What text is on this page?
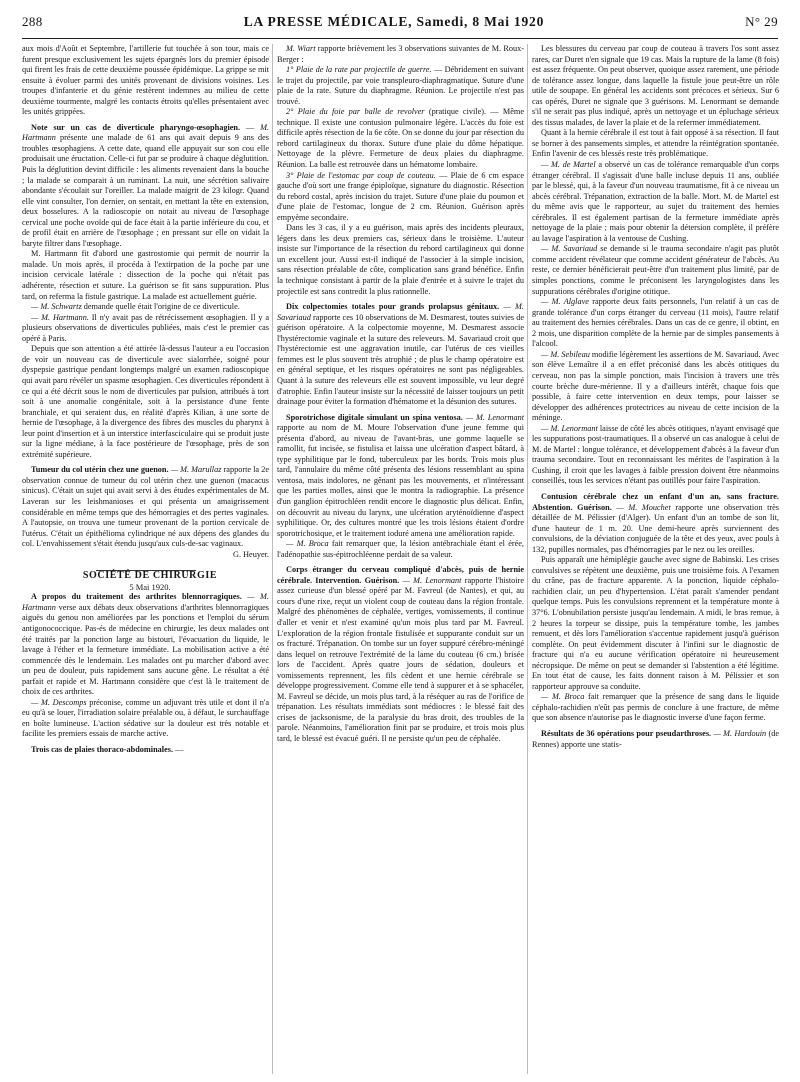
288	LA PRESSE MÉDICALE, Samedi, 8 Mai 1920	N° 29

aux mois d'Août et Septembre, l'artillerie fut touchée à son tour, mais ce furent presque exclusivement les sujets épargnés lors du premier épisode qui firent les frais de cette deuxième poussée épidémique. La grippe se mit ensuite à évoluer parmi des unités provenant de divisions voisines. Les troupes d'infanterie et du génie restèrent indemnes au milieu de cette deuxième tourmente, malgré les contacts étroits qu'elles présentaient avec les unités grippées.

Note sur un cas de diverticule pharyngo-œsophagien. — M. Hartmann présente une malade de 61 ans qui avait depuis 9 ans des troubles œsophagiens. A cette date, quand elle appuyait sur son cou elle produisait une éructation. Celle-ci fut par se produire à chaque déglutition. Puis la déglutition devint difficile : les aliments revenaient dans la bouche ; la malade se comparait à un ruminant. La nuit, une sécrétion salivaire abondante s'écoulait sur l'oreiller. La malade maigrit de 23 kilogr. Quand elle vint consulter, l'on dernier, on sentait, en mettant la tête en extension, deux bosselures. A la radioscopie on notait au niveau de l'œsophage cervical une poche ovoïde qui de face était à la partie inférieure du cou, et de profil était en arrière de l'œsophage ; en pressant sur elle on vidait la baryte filtrer dans l'œsophage.

M. Hartmann fit d'abord une gastrostomie qui permit de nourrir la malade. Un mois après, il procéda à l'extirpation de la poche par une incision cervicale latérale : dissection de la poche qui n'était pas adhérente, résection et suture. La guérison se fit sans suppuration. Plus tard, on referma la fistule gastrique. La malade est actuellement guérie.

— M. Schwartz demande quelle était l'origine de ce diverticule.

— M. Hartmann. Il n'y avait pas de rétrécissement œsophagien. Il y a plusieurs observations de diverticules publiées, mais c'est le premier cas opéré à Paris.

Depuis que son attention a été attirée là-dessus l'auteur a eu l'occasion de voir un nouveau cas de diverticule avec sialorrhée, soigné pour dyspepsie gastrique pendant longtemps malgré un examen radioscopique qui avait paru révéler un spasme œsophagien. Ces diverticules répondent à ce qui a été décrit sous le nom de diverticules par pulsion, attribués à tort soit à une anomalie congénitale, soit à la persistance d'une fente branchiale, et qui seraient dus, en réalité d'après Kilian, à une sorte de hernie de l'œsophage, à la divergence des fibres des muscles du pharynx à leur point d'insertion et à un interstice interfasciculaire qui se produit juste sur la ligne médiane, à la face postérieure de l'œsophage, près de son extrémité supérieure.

Tumeur du col utérin chez une guenon. — M. Marullaz rapporte la 2e observation connue de tumeur du col utérin chez une guenon (macacus sinicus). C'était un sujet qui avait servi à des études expérimentales de M. Laveran sur les leishmanioses et qui présenta un amaigrissement considérable en même temps que des hémorragies et des pertes vaginales. A l'autopsie, on trouva une tumeur provenant de la portion cervicale de l'utérus. C'était un épithélioma cylindrique né aux dépens des glandes du col. L'envahissement s'était étendu jusqu'aux culs-de-sac vaginaux.

G. Heuyer.

SOCIÉTÉ DE CHIRURGIE

5 Mai 1920.

A propos du traitement des arthrites blennorragiques. — M. Hartmann verse aux débats deux observations d'arthrites blennorragiques aiguës du genou non améliorées par les ponctions et l'emploi du sérum antigonococcique. Pas-és de médecine en chirurgie, les deux malades ont été traités par la ponction large au bistouri, l'évacuation du liquide, le lavage à l'éther et la fermeture immédiate. La mobilisation active a été commencée dès le lendemain. Les malades ont pu marcher d'abord avec un peu de douleur, puis rapidement sans aucune gêne. Le résultat a été parfait et rapide et M. Hartmann considère que c'est là le traitement de choix de ces arthrites.

— M. Descomps préconise, comme un adjuvant très utile et dont il n'a eu qu'à se louer, l'irradiation solaire préalable ou, à défaut, le surchauffage en boîte lumineuse. L'action sédative sur la douleur est très notable et facilite les premiers essais de marche active.

Trois cas de plaies thoraco-abdominales. —

M. Wiart rapporte brièvement les 3 observations suivantes de M. Roux-Berger :

1° Plaie de la rate par projectile de guerre. — Débridement en suivant le trajet du projectile, par voie transpleuro-diaphragmatique. Suture d'une plaie de la rate. Suture du diaphragme. Réunion. Le projectile n'est pas trouvé.

2° Plaie du foie par balle de revolver (pratique civile). — Même technique. Il existe une contusion pulmonaire légère. L'accès du foie est difficile après résection de la 6e côte. On se donne du jour par résection du rebord cartilagineux du thorax. Suture d'une plaie du dôme hépatique. Nettoyage de la plèvre. Fermeture de deux plaies du diaphragme. Réunion. La balle est retrouvée dans un hématome lombaire.

3° Plaie de l'estomac par coup de couteau. — Plaie de 6 cm espace gauche d'où sort une frange épiploïque, signature du diagnostic. Résection du rebord costal, après incision du trajet. Suture d'une plaie du poumon et d'une plaie de l'estomac, longue de 2 cm. Réunion. Guérison après empyème secondaire.

Dans les 3 cas, il y a eu guérison, mais après des incidents pleuraux, légers dans les deux premiers cas, sérieux dans le troisième. L'auteur insiste sur l'importance de la résection du rebord cartilagineux qui donne un excellent jour. Aussi est-il indiqué de l'associer à la simple incision, sans résection préalable de côte, complication sans grand bénéfice. Enfin la technique consistant à partir de la plaie d'entrée et à suivre le trajet du projectile est sans contredit la plus rationnelle.

Dix colpectomies totales pour grands prolapsus génitaux. — M. Savariaud rapporte ces 10 observations de M. Desmarest, toutes suivies de guérison opératoire. A la colpectomie moyenne, M. Desmarest associe l'hystérectomie vaginale et la suture des releveurs. M. Savariaud croit que l'hystérectomie est une aggravation inutile, car l'utérus de ces vieilles femmes est le plus souvent très atrophié ; de plus le champ opératoire est en général septique, et les risques opératoires ne sont pas négligeables. Quant à la suture des releveurs elle est souvent impossible, vu leur degré d'atrophie. Enfin l'auteur insiste sur la nécessité de laisser toujours un petit drainage pour éviter la formation d'hématome et la désunion des sutures.

Sporotrichose digitale simulant un spina ventosa. — M. Lenormant rapporte au nom de M. Moure l'observation d'une jeune femme qui présenta d'abord, au niveau de l'avant-bras, une gomme laquelle se ramollit, fut incisée, se fistulisa et laissa une ulcération d'aspect bâtard, à type syphilitique par le fond, tuberculeux par les bords. Trois mois plus tard, l'annulaire du même côté présenta des lésions ressemblant au spina ventosa, mais indolores, ne gênant pas les mouvements, et n'intéressant que les parties molles, ainsi que le montra la radiographie. La présence d'un ganglion épitrochléen rendit encore le diagnostic plus délicat. Enfin, on découvrit au niveau du larynx, une ulcération aryténoïdienne d'aspect syphilitique. Or, des cultures montré que les trois lésions étaient d'ordre sporotrichosique, et le traitement ioduré amena une amélioration rapide.

— M. Broca fait remarquer que, la lésion antébrachiale étant el érée, l'adénopathie sus-épitrochléenne perdait de sa valeur.

Corps étranger du cerveau compliqué d'abcès, puis de hernie cérébrale. Intervention. Guérison. — M. Lenormant rapporte l'histoire assez curieuse d'un blessé opéré par M. Favreul (de Nantes), et qui, au cours d'une rixe, reçut un violent coup de couteau dans la région frontale. Malgré des phénomènes de céphalée, vertiges, vomissements, il continue d'aller et venir et n'est examiné qu'un mois plus tard par M. Favreul. L'exploration de la région frontale fistulisée et suppurante conduit sur un os fracturé. Trépanation. On tombe sur un foyer suppuré cérébro-méningé dans lequel on retrouve l'extrémité de la lame du couteau (6 cm.) brisée lors de l'accident. Après quatre jours de sédation, douleurs et vomissements reprennent, les fils cèdent et une hernie cérébrale se développe progressivement. Comme elle tend à suppurer et à se sphacéler, M. Favreul se décide, un mois plus tard, à la réséquer au ras de l'orifice de trépanation. Les résultats immédiats sont médiocres : le blessé fait des crises de jacksonisme, de la paralysie du bras droit, des troubles de la parole. Néanmoins, l'amélioration finit par se produire, et trois mois plus tard, le blessé est évacué guéri. Il ne persiste qu'un peu de céphalée.

Les blessures du cerveau par coup de couteau à travers l'os sont assez rares, car Duret n'en signale que 19 cas. Mais la rupture de la lame (8 fois) est assez fréquente. On peut observer, quoique assez rarement, une période de tolérance assez longue, dans laquelle la fistule joue peut-être un rôle utile de soupape. En général les accidents sont précoces et sérieux. Sur 6 cas opérés, Duret ne signale que 3 guérisons. M. Lenormant se demande s'il ne serait pas plus indiqué, après un nettoyage et un épluchage sérieux des tissus malades, de laver la plaie et de la refermer immédiatement.

Quant à la hernie cérébrale il est tout à fait opposé à sa résection. Il faut se borner à des pansements simples, et attendre la réintégration spontanée. Enfin l'avenir de ces blessés reste très problématique.

— M. de Martel a observé un cas de tolérance remarquable d'un corps étranger cérébral. Il s'agissait d'une balle incluse depuis 11 ans, oubliée par le blessé, qui, à la faveur d'un nouveau traumatisme, fit à ce niveau un abcès cérébral. Trépanation, extraction de la balle. Mort. M. de Martel est du même avis que le rapporteur, au sujet du traitement des hernies cérébrales. Il est également partisan de la fermeture immédiate après nettoyage de la plaie ; mais pour obtenir la détersion complète, il préfère au lavage l'aspiration à la ventouse de Cushing.

— M. Savariaud se demande si le trauma secondaire n'agit pas plutôt comme accident révélateur que comme accident générateur de l'abcès. Au reste, ce dernier bénéficierait peut-être d'un traitement plus limité, par de simples ponctions, comme le préconisent les laryngologistes dans les suppurations cérébrales d'origine otitique.

— M. Alglave rapporte deux faits personnels, l'un relatif à un cas de grande tolérance d'un corps étranger du cerveau (11 mois), l'autre relatif au traitement des hernies cérébrales. Dans un cas de ce genre, il obtint, en 2 mois, une disparition complète de la hernie par de simples pansements à l'alcool.

— M. Sebileau modifie légèrement les assertions de M. Savariaud. Avec son élève Lemaître il a en effet préconisé dans les abcès otitiques du cerveau, non pas la simple ponction, mais l'incision à travers une très courte brèche dure-mérienne. Il y a d'ailleurs intérêt, chaque fois que possible, à faire cette intervention en deux temps, pour laisser se développer des adhérences protectrices au niveau de cette incision de la méninge.

— M. Lenormant laisse de côté les abcès otitiques, n'ayant envisagé que les suppurations post-traumatiques. Il a observé un cas analogue à celui de M. de Martel : longue tolérance, et développement d'abcès à la faveur d'un trauma secondaire. Tout en reconnaissant les mérites de l'aspiration à la Cushing, il croit que les lavages à faible pression doivent être néanmoins conseillés, tous les services n'étant pas outillés pour faire l'aspiration.

Contusion cérébrale chez un enfant d'un an, sans fracture. Abstention. Guérison. — M. Mouchet rapporte une observation très détaillée de M. Pélissier (d'Alger). Un enfant d'un an tombe de son lit, d'une hauteur de 1 m. 20. Une demi-heure après surviennent des convulsions, de la déviation conjuguée de la tête et des yeux, avec pouls à 132, pupilles normales, pas d'hémorragies par le nez ou les oreilles.

Puis apparaît une hémiplégie gauche avec signe de Babinski. Les crises convulsives se répètent une deuxième, puis une troisième fois. A l'examen du crâne, pas de fracture apparente. A la ponction, liquide céphalo-rachidien clair, un peu d'hypertension. L'état paraît s'amender pendant quelque temps. Puis les convulsions reprennent et la température monte à 37°6. L'obnubilation persiste jusqu'au lendemain. A midi, le bras remue, à 2 heures la torpeur se dissipe, puis la température tombe, les jambes remuent, et dès lors l'amélioration s'accentue rapidement jusqu'à guérison complète. On peut évidemment discuter à l'infini sur le diagnostic de fracture qui n'a eu aucune vérification opératoire ni heureusement nécropsique. De même on peut se demander si l'abstention a été légitime. En tout état de cause, les faits donnent raison à M. Pélissier et son rapporteur approuve sa conduite.

— M. Broca fait remarquer que la présence de sang dans le liquide céphalo-rachidien n'eût pas permis de conclure à une fracture, de même que son absence n'autorise pas le diagnostic inverse d'une façon ferme.

Résultats de 36 opérations pour pseudarthroses. — M. Hardouin (de Rennes) apporte une statis-
